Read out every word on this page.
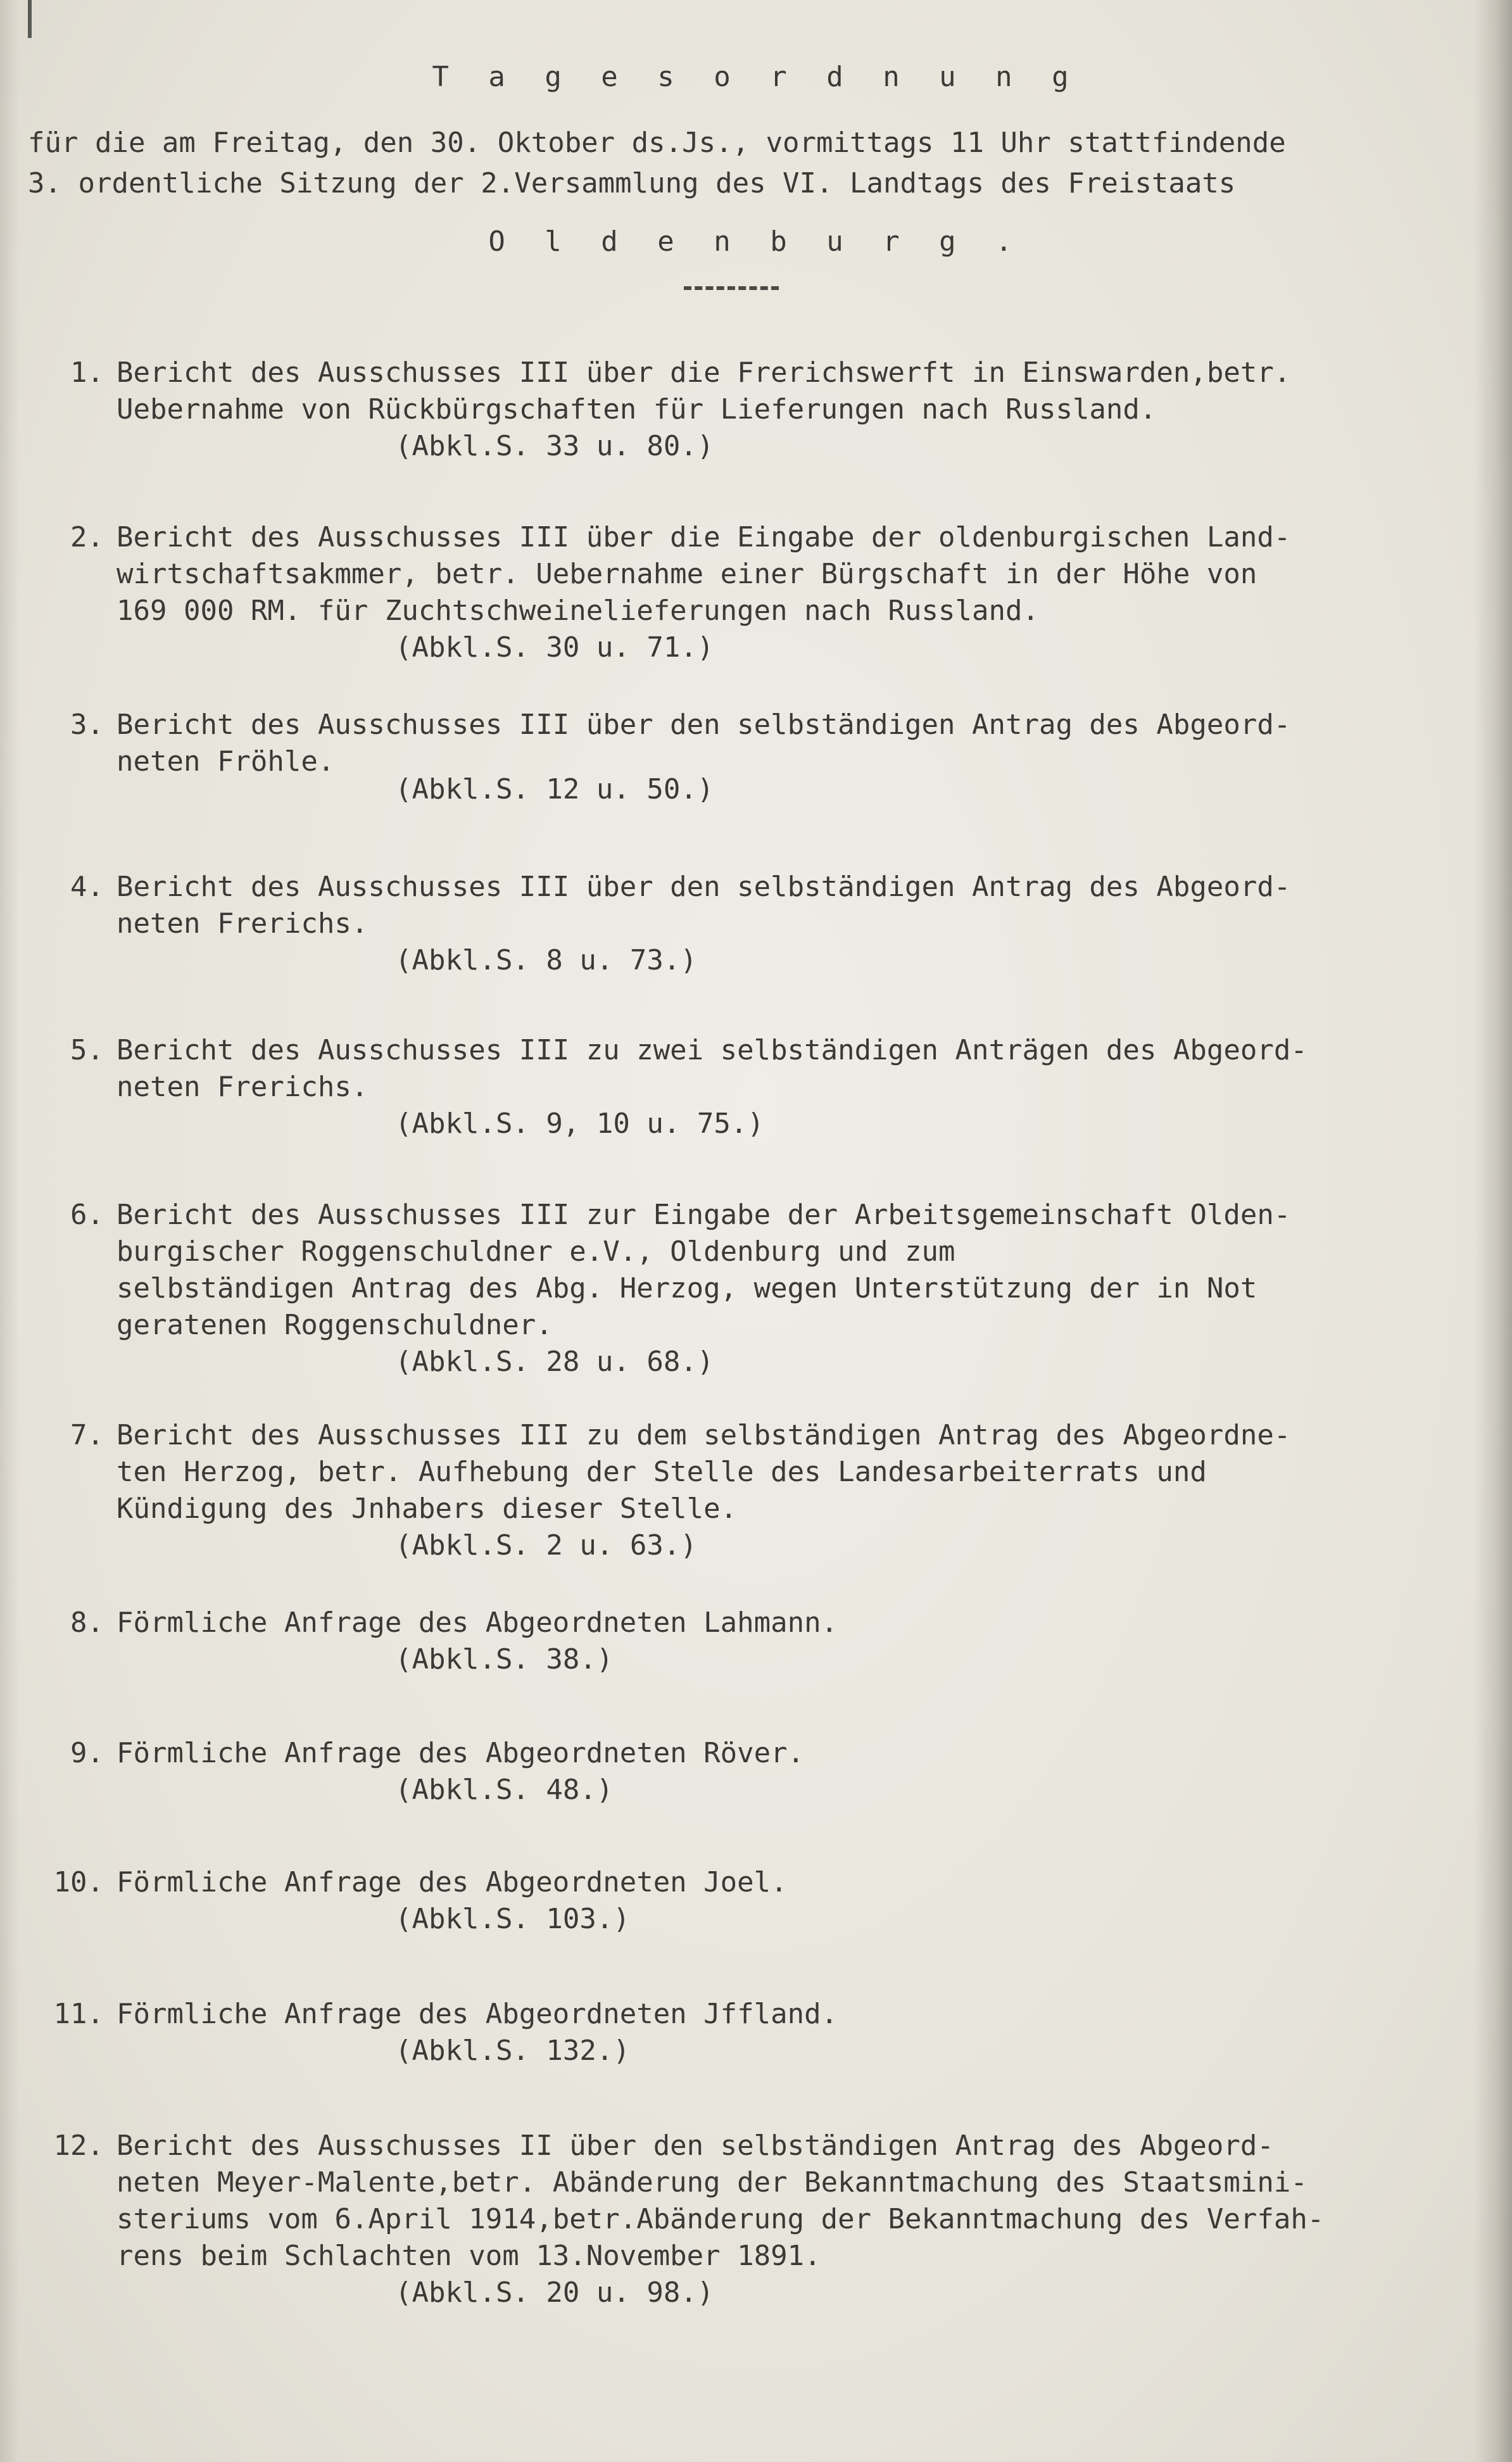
T a g e s o r d n u n g
für die am Freitag, den 30. Oktober ds.Js., vormittags 11 Uhr stattfindende
3. ordentliche Sitzung der 2.Versammlung des VI. Landtags des Freistaats
O l d e n b u r g .
1. Bericht des Ausschusses III über die Frerichswerft in Einswarden,betr.
Uebernahme von Rückbürgschaften für Lieferungen nach Russland.
(Abkl.S. 33 u. 80.)
2. Bericht des Ausschusses III über die Eingabe der oldenburgischen Land-
wirtschaftsakmmer, betr. Uebernahme einer Bürgschaft in der Höhe von
169 000 RM. für Zuchtschweinelieferungen nach Russland.
(Abkl.S. 30 u. 71.)
3. Bericht des Ausschusses III über den selbständigen Antrag des Abgeord-
neten Fröhle.
(Abkl.S. 12 u. 50.)
4. Bericht des Ausschusses III über den selbständigen Antrag des Abgeord-
neten Frerichs.
(Abkl.S. 8 u. 73.)
5. Bericht des Ausschusses III zu zwei selbständigen Anträgen des Abgeord-
neten Frerichs.
(Abkl.S. 9, 10 u. 75.)
6. Bericht des Ausschusses III zur Eingabe der Arbeitsgemeinschaft Olden-
burgischer Roggenschuldner e.V., Oldenburg und zum
selbständigen Antrag des Abg. Herzog, wegen Unterstützung der in Not
geratenen Roggenschuldner.
(Abkl.S. 28 u. 68.)
7. Bericht des Ausschusses III zu dem selbständigen Antrag des Abgeordne-
ten Herzog, betr. Aufhebung der Stelle des Landesarbeiterrats und
Kündigung des Jnhabers dieser Stelle.
(Abkl.S. 2 u. 63.)
8. Förmliche Anfrage des Abgeordneten Lahmann.
(Abkl.S. 38.)
9. Förmliche Anfrage des Abgeordneten Röver.
(Abkl.S. 48.)
10. Förmliche Anfrage des Abgeordneten Joel.
(Abkl.S. 103.)
11. Förmliche Anfrage des Abgeordneten Jffland.
(Abkl.S. 132.)
12. Bericht des Ausschusses II über den selbständigen Antrag des Abgeord-
neten Meyer-Malente,betr. Abänderung der Bekanntmachung des Staatsmini-
steriums vom 6.April 1914,betr.Abänderung der Bekanntmachung des Verfah-
rens beim Schlachten vom 13.November 1891.
(Abkl.S. 20 u. 98.)
